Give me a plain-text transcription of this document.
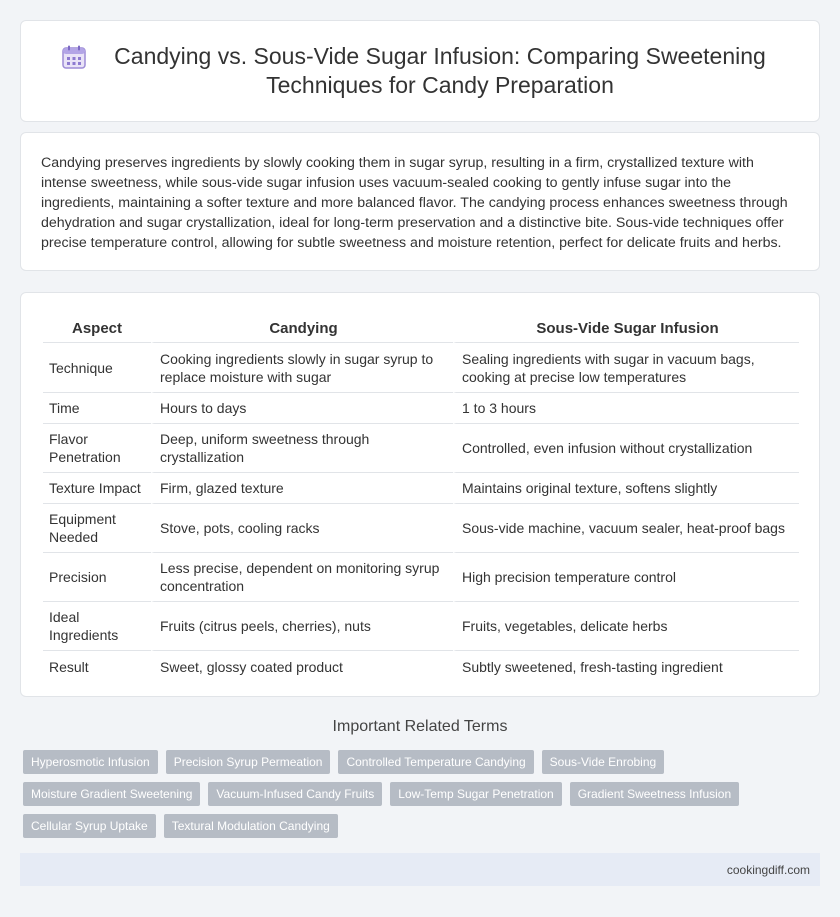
Candying vs. Sous-Vide Sugar Infusion: Comparing Sweetening Techniques for Candy Preparation

Candying preserves ingredients by slowly cooking them in sugar syrup, resulting in a firm, crystallized texture with intense sweetness, while sous-vide sugar infusion uses vacuum-sealed cooking to gently infuse sugar into the ingredients, maintaining a softer texture and more balanced flavor. The candying process enhances sweetness through dehydration and sugar crystallization, ideal for long-term preservation and a distinctive bite. Sous-vide techniques offer precise temperature control, allowing for subtle sweetness and moisture retention, perfect for delicate fruits and herbs.

Aspect	Candying	Sous-Vide Sugar Infusion
Technique	Cooking ingredients slowly in sugar syrup to replace moisture with sugar	Sealing ingredients with sugar in vacuum bags, cooking at precise low temperatures
Time	Hours to days	1 to 3 hours
Flavor Penetration	Deep, uniform sweetness through crystallization	Controlled, even infusion without crystallization
Texture Impact	Firm, glazed texture	Maintains original texture, softens slightly
Equipment Needed	Stove, pots, cooling racks	Sous-vide machine, vacuum sealer, heat-proof bags
Precision	Less precise, dependent on monitoring syrup concentration	High precision temperature control
Ideal Ingredients	Fruits (citrus peels, cherries), nuts	Fruits, vegetables, delicate herbs
Result	Sweet, glossy coated product	Subtly sweetened, fresh-tasting ingredient
Important Related Terms
Hyperosmotic Infusion	Precision Syrup Permeation	Controlled Temperature Candying	Sous-Vide Enrobing
Moisture Gradient Sweetening	Vacuum-Infused Candy Fruits	Low-Temp Sugar Penetration	Gradient Sweetness Infusion
Cellular Syrup Uptake	Textural Modulation Candying
cookingdiff.com
